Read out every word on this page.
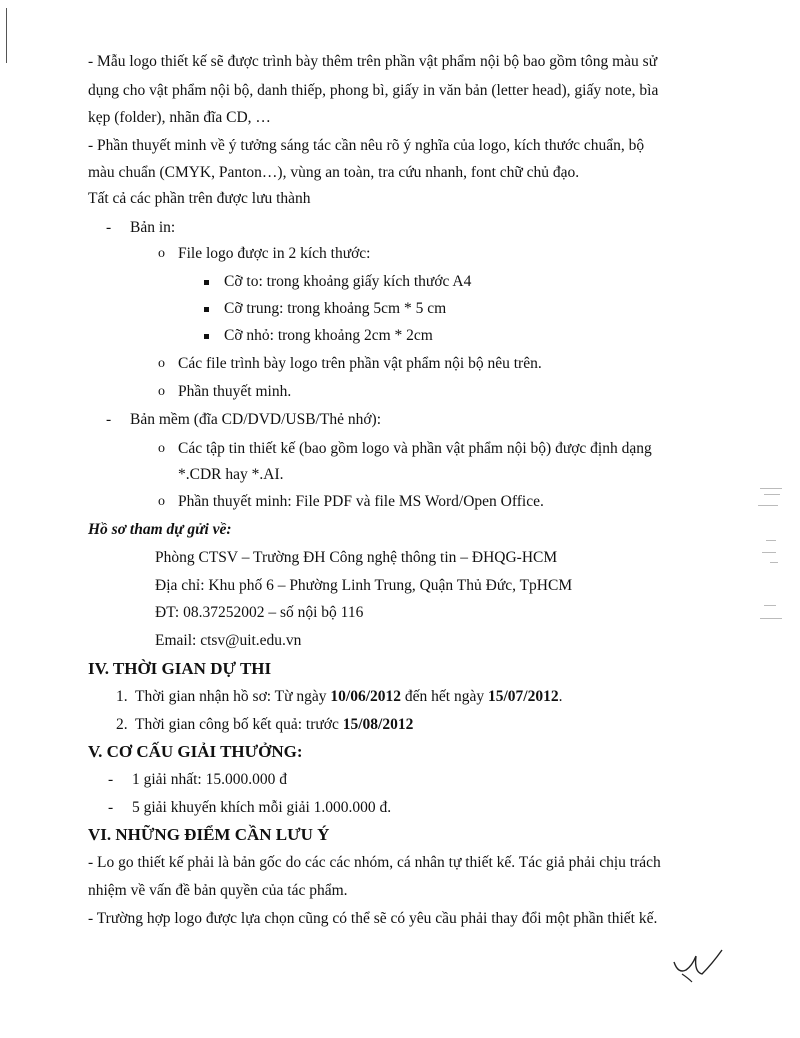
- Mẫu logo thiết kế sẽ được trình bày thêm trên phần vật phẩm nội bộ bao gồm tông màu sử
dụng cho vật phẩm nội bộ, danh thiếp, phong bì, giấy in văn bản (letter head), giấy note, bìa
kẹp (folder), nhãn đĩa CD, …
- Phần thuyết minh về ý tưởng sáng tác cần nêu rõ ý nghĩa của logo, kích thước chuẩn, bộ
màu chuẩn (CMYK, Panton…), vùng an toàn, tra cứu nhanh, font chữ chủ đạo.
Tất cả các phần trên được lưu thành
- Bản in:
o File logo được in 2 kích thước:
Cỡ to: trong khoảng giấy kích thước A4
Cỡ trung: trong khoảng 5cm * 5 cm
Cỡ nhỏ: trong khoảng 2cm * 2cm
o Các file trình bày logo trên phần vật phẩm nội bộ nêu trên.
o Phần thuyết minh.
- Bản mềm (đĩa CD/DVD/USB/Thẻ nhớ):
o Các tập tin thiết kế (bao gồm logo và phần vật phẩm nội bộ) được định dạng
*.CDR hay *.AI.
o Phần thuyết minh: File PDF và file MS Word/Open Office.
Hồ sơ tham dự gửi về:
Phòng CTSV – Trường ĐH Công nghệ thông tin – ĐHQG-HCM
Địa chỉ: Khu phố 6 – Phường Linh Trung, Quận Thủ Đức, TpHCM
ĐT: 08.37252002 – số nội bộ 116
Email: ctsv@uit.edu.vn
IV. THỜI GIAN DỰ THI
1. Thời gian nhận hồ sơ: Từ ngày 10/06/2012 đến hết ngày 15/07/2012.
2. Thời gian công bố kết quả: trước 15/08/2012
V. CƠ CẤU GIẢI THƯỞNG:
- 1 giải nhất: 15.000.000 đ
- 5 giải khuyến khích mỗi giải 1.000.000 đ.
VI. NHỮNG ĐIỂM CẦN LƯU Ý
- Lo go thiết kế phải là bản gốc do các các nhóm, cá nhân tự thiết kế. Tác giả phải chịu trách
nhiệm về vấn đề bản quyền của tác phẩm.
- Trường hợp logo được lựa chọn cũng có thể sẽ có yêu cầu phải thay đổi một phần thiết kế.
